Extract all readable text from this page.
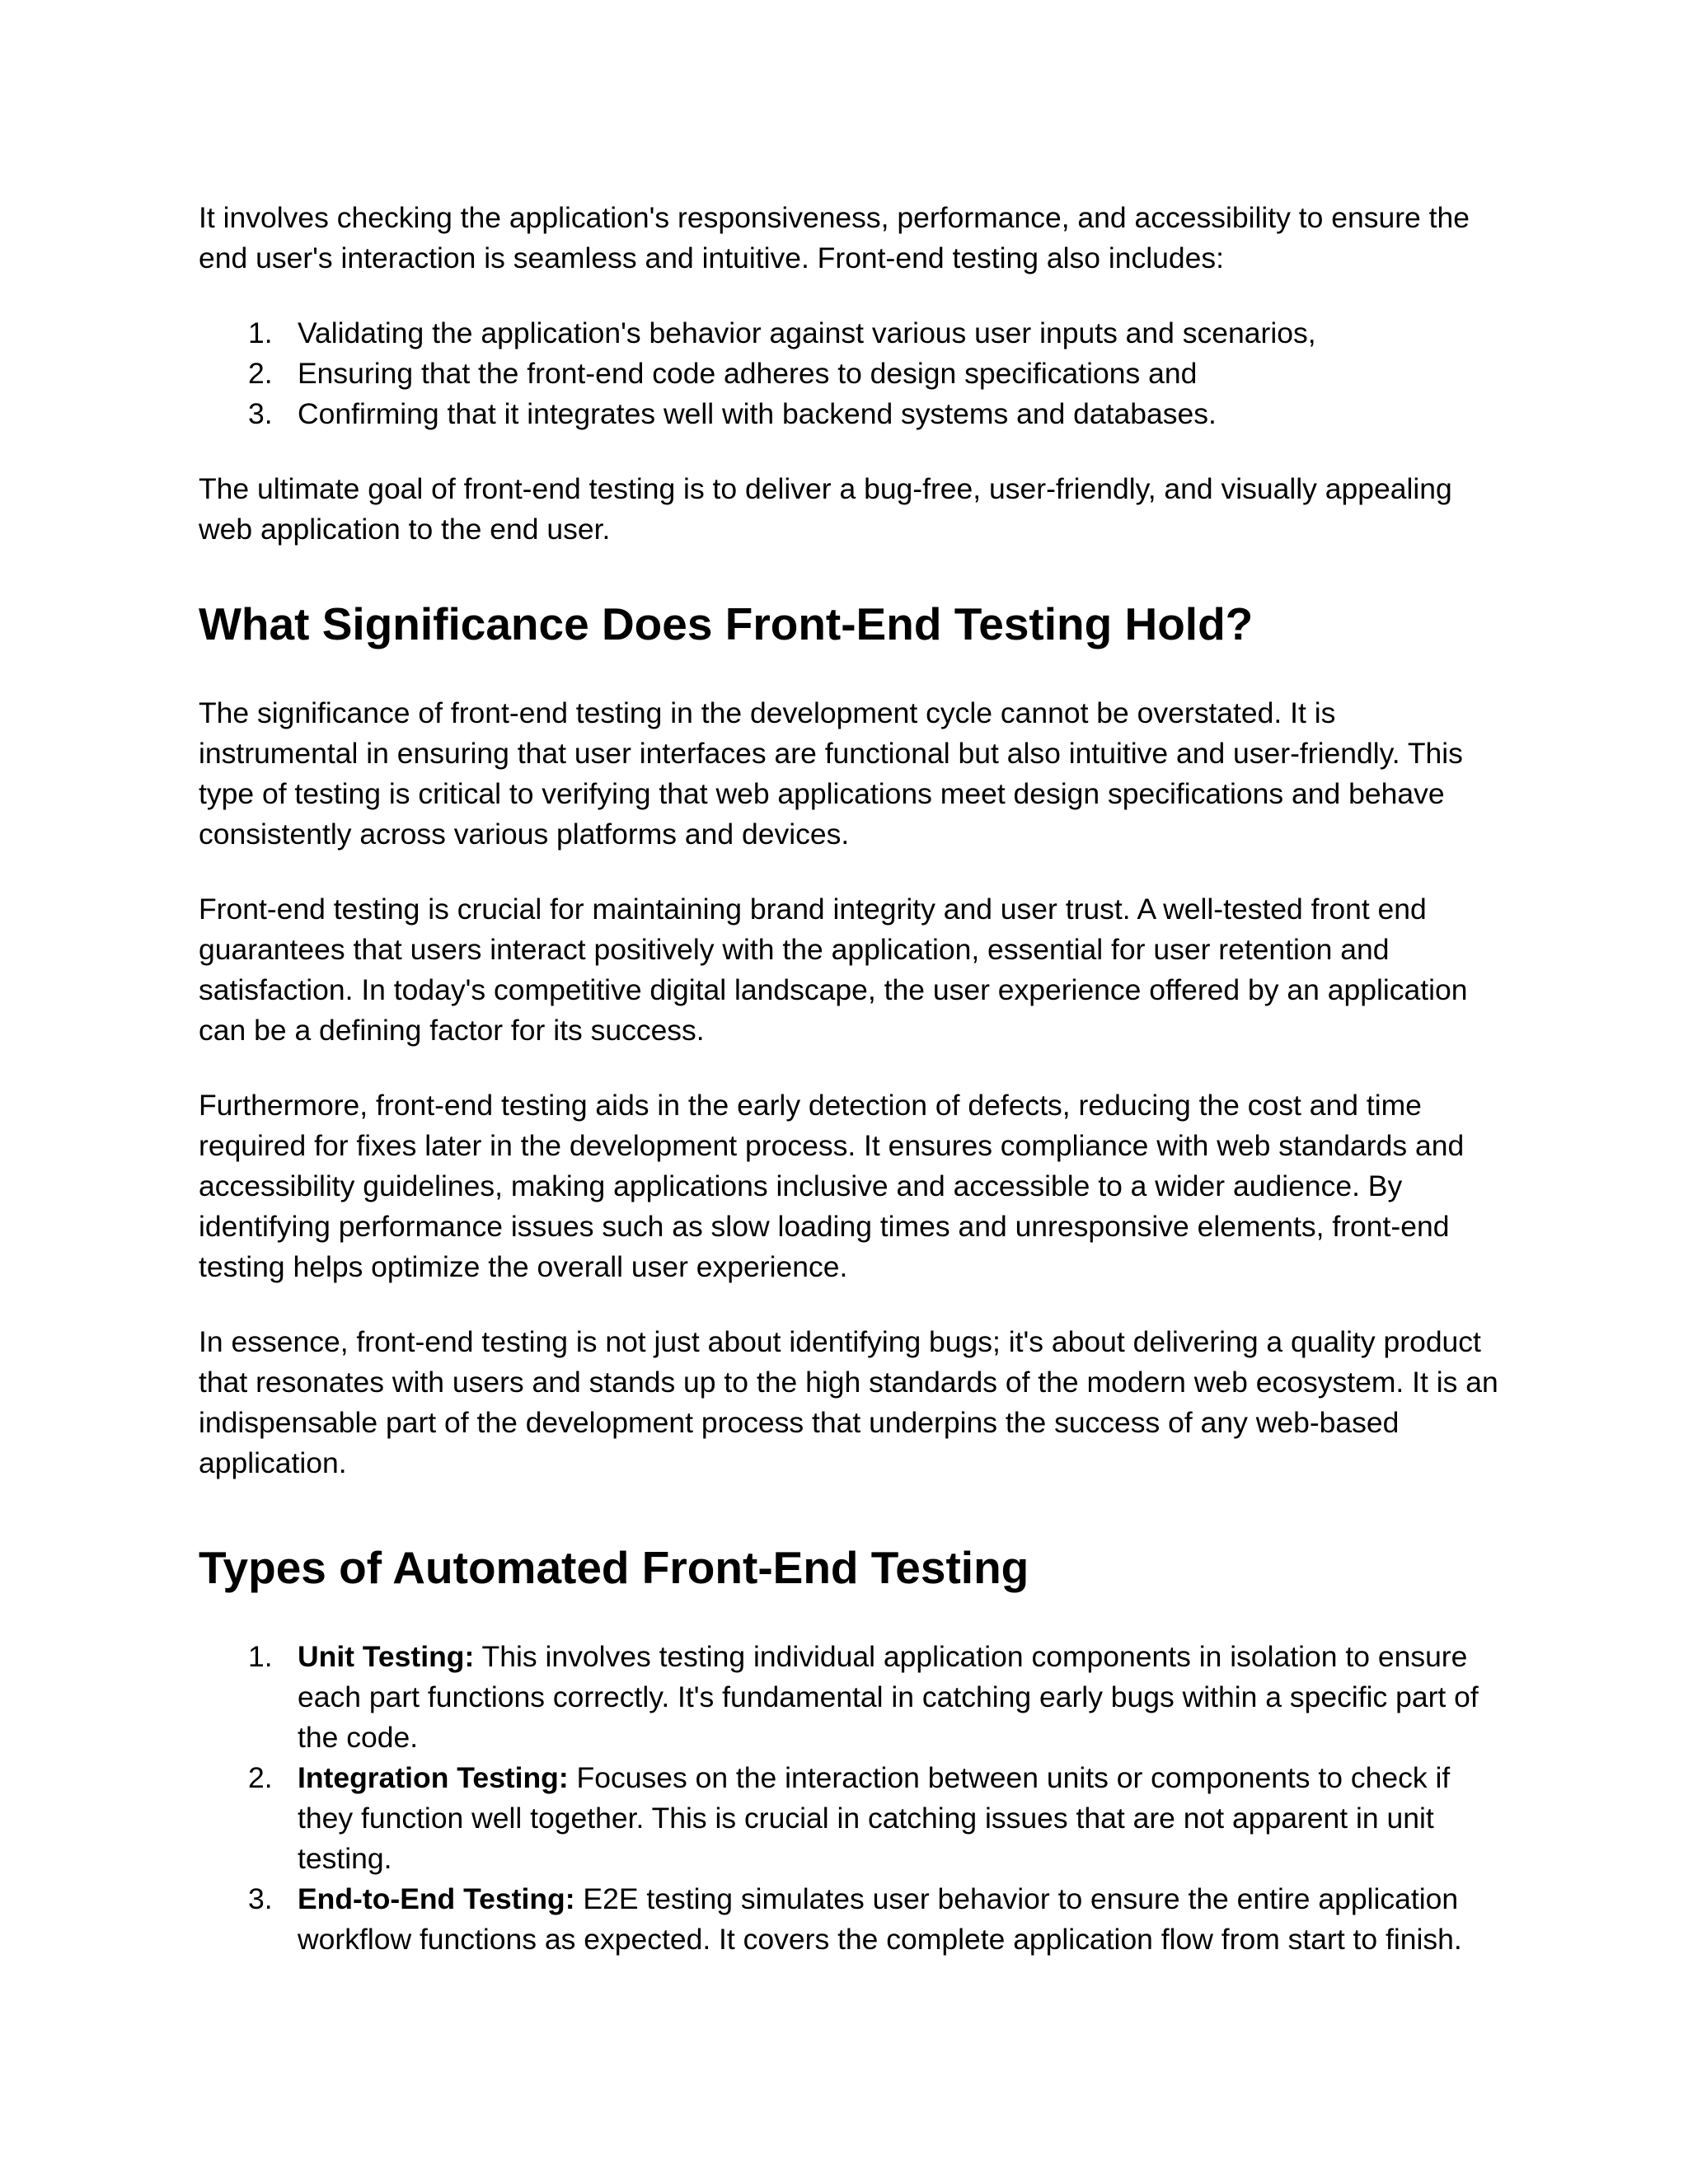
It involves checking the application's responsiveness, performance, and accessibility to ensure the end user's interaction is seamless and intuitive. Front-end testing also includes:

1. Validating the application's behavior against various user inputs and scenarios,
2. Ensuring that the front-end code adheres to design specifications and
3. Confirming that it integrates well with backend systems and databases.

The ultimate goal of front-end testing is to deliver a bug-free, user-friendly, and visually appealing web application to the end user.

What Significance Does Front-End Testing Hold?

The significance of front-end testing in the development cycle cannot be overstated. It is instrumental in ensuring that user interfaces are functional but also intuitive and user-friendly. This type of testing is critical to verifying that web applications meet design specifications and behave consistently across various platforms and devices.

Front-end testing is crucial for maintaining brand integrity and user trust. A well-tested front end guarantees that users interact positively with the application, essential for user retention and satisfaction. In today's competitive digital landscape, the user experience offered by an application can be a defining factor for its success.

Furthermore, front-end testing aids in the early detection of defects, reducing the cost and time required for fixes later in the development process. It ensures compliance with web standards and accessibility guidelines, making applications inclusive and accessible to a wider audience. By identifying performance issues such as slow loading times and unresponsive elements, front-end testing helps optimize the overall user experience.

In essence, front-end testing is not just about identifying bugs; it's about delivering a quality product that resonates with users and stands up to the high standards of the modern web ecosystem. It is an indispensable part of the development process that underpins the success of any web-based application.

Types of Automated Front-End Testing
1. Unit Testing: This involves testing individual application components in isolation to ensure each part functions correctly. It's fundamental in catching early bugs within a specific part of the code.
2. Integration Testing: Focuses on the interaction between units or components to check if they function well together. This is crucial in catching issues that are not apparent in unit testing.
3. End-to-End Testing: E2E testing simulates user behavior to ensure the entire application workflow functions as expected. It covers the complete application flow from start to finish.
